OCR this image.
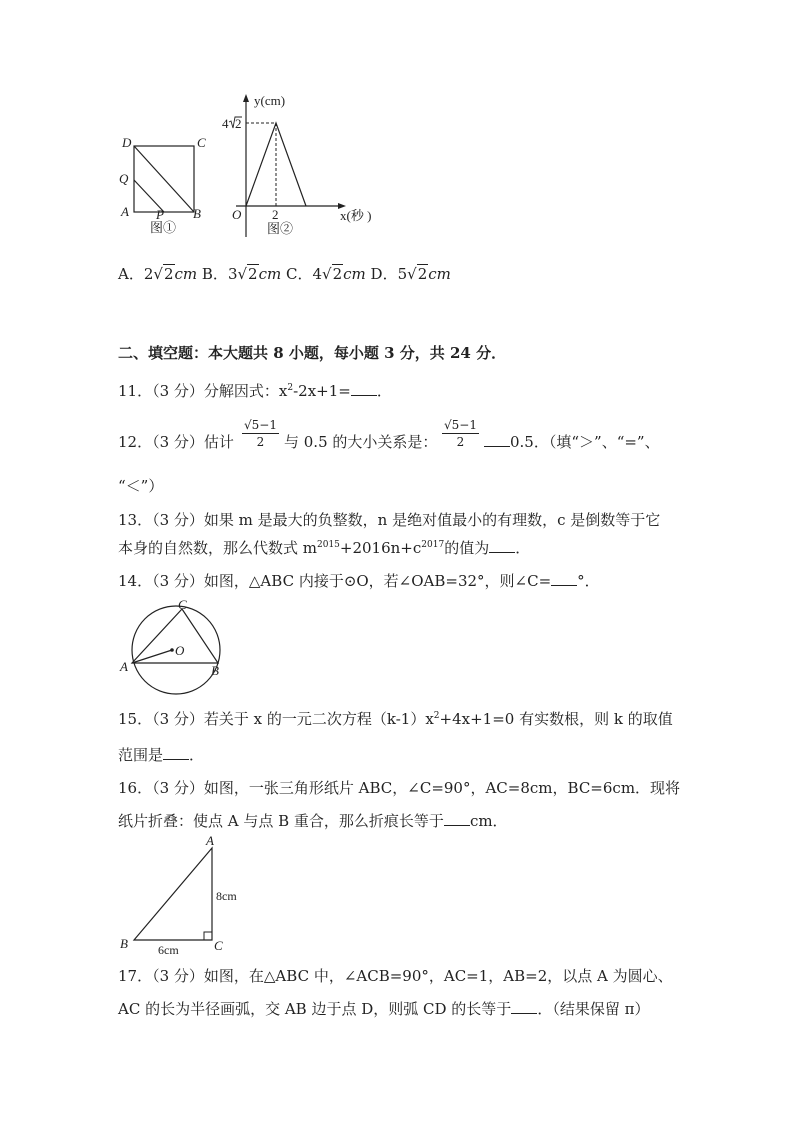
D	C
Q
A P B
图①
y(cm)
x(秒 )
O
4 2
2
图②
A．2√2cm B．3√2cm C．4√2cm D．5√2cm
二、填空题：本大题共 8 小题，每小题 3 分，共 24 分．
11．（3 分）分解因式：$x^2-2x+1=$ ．
12．（3 分）估计
√5−1
2	与 0.5 的大小关系是：
√5−1
2	0.5．（填“＞”、“=”、
“＜”）
13．（3 分）如果 m 是最大的负整数，n 是绝对值最小的有理数，c 是倒数等于它
本身的自然数，那么代数式 $m^{2015}+2016n+c^{2017}$的值为 ．
14．（3 分）如图，△ABC 内接于⊙O，若∠OAB=32°，则∠C= °．
C
O
A	B
15．（3 分）若关于 x 的一元二次方程$(k-1)x^2+4x+1=0$ 有实数根，则 k 的取值
范围是 ．
16．（3 分）如图，一张三角形纸片 ABC，∠C=90°，AC=8cm，BC=6cm．现将
纸片折叠：使点 A 与点 B 重合，那么折痕长等于 cm．
A
B	C
8cm
6cm
17．（3 分）如图，在△ABC 中，∠ACB=90°，AC=1，AB=2，以点 A 为圆心、
AC 的长为半径画弧，交 AB 边于点 D，则弧 CD 的长等于 ．（结果保留 π）
